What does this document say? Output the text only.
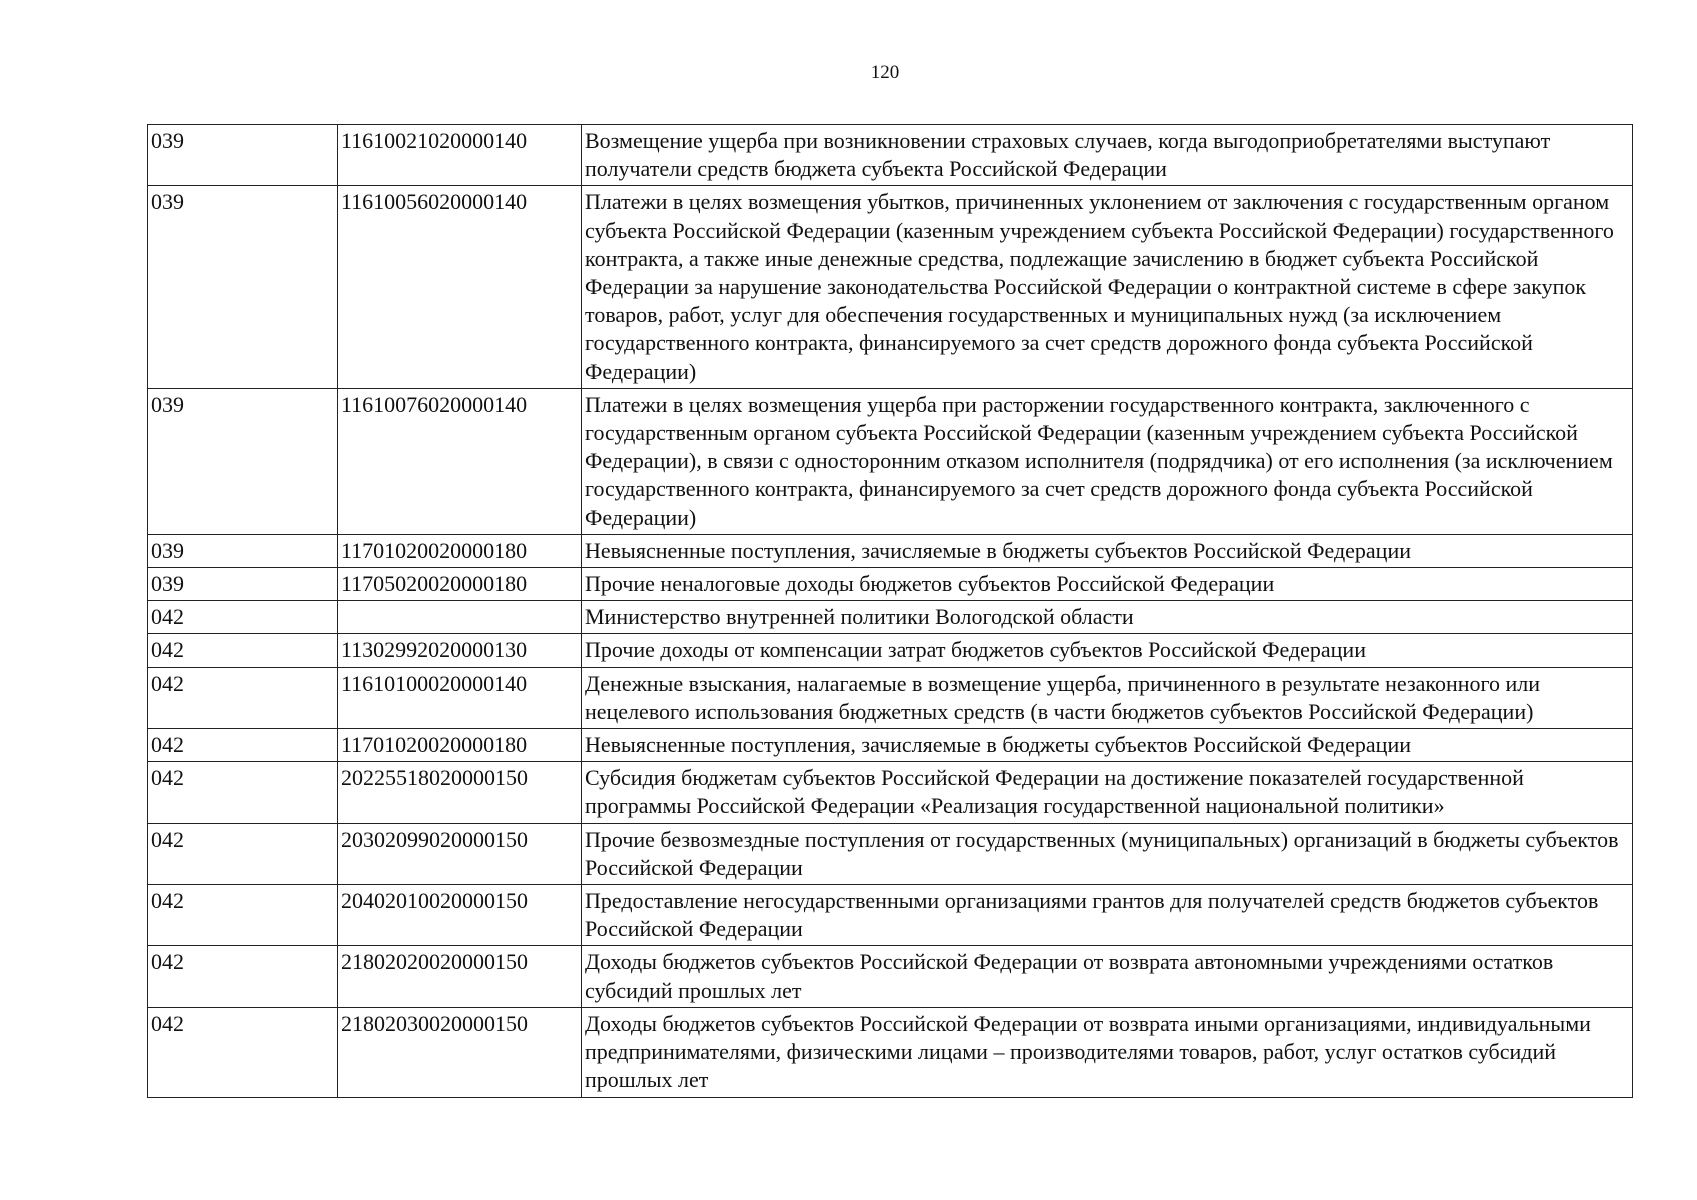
120
039	11610021020000140	Возмещение ущерба при возникновении страховых случаев, когда выгодоприобретателями выступают получатели средств бюджета субъекта Российской Федерации
039	11610056020000140	Платежи в целях возмещения убытков, причиненных уклонением от заключения с государственным органом субъекта Российской Федерации (казенным учреждением субъекта Российской Федерации) государственного контракта, а также иные денежные средства, подлежащие зачислению в бюджет субъекта Российской Федерации за нарушение законодательства Российской Федерации о контрактной системе в сфере закупок товаров, работ, услуг для обеспечения государственных и муниципальных нужд (за исключением государственного контракта, финансируемого за счет средств дорожного фонда субъекта Российской Федерации)
039	11610076020000140	Платежи в целях возмещения ущерба при расторжении государственного контракта, заключенного с государственным органом субъекта Российской Федерации (казенным учреждением субъекта Российской Федерации), в связи с односторонним отказом исполнителя (подрядчика) от его исполнения (за исключением государственного контракта, финансируемого за счет средств дорожного фонда субъекта Российской Федерации)
039	11701020020000180	Невыясненные поступления, зачисляемые в бюджеты субъектов Российской Федерации
039	11705020020000180	Прочие неналоговые доходы бюджетов субъектов Российской Федерации
042		Министерство внутренней политики Вологодской области
042	11302992020000130	Прочие доходы от компенсации затрат бюджетов субъектов Российской Федерации
042	11610100020000140	Денежные взыскания, налагаемые в возмещение ущерба, причиненного в результате незаконного или нецелевого использования бюджетных средств (в части бюджетов субъектов Российской Федерации)
042	11701020020000180	Невыясненные поступления, зачисляемые в бюджеты субъектов Российской Федерации
042	20225518020000150	Субсидия бюджетам субъектов Российской Федерации на достижение показателей государственной программы Российской Федерации «Реализация государственной национальной политики»
042	20302099020000150	Прочие безвозмездные поступления от государственных (муниципальных) организаций в бюджеты субъектов Российской Федерации
042	20402010020000150	Предоставление негосударственными организациями грантов для получателей средств бюджетов субъектов Российской Федерации
042	21802020020000150	Доходы бюджетов субъектов Российской Федерации от возврата автономными учреждениями остатков субсидий прошлых лет
042	21802030020000150	Доходы бюджетов субъектов Российской Федерации от возврата иными организациями, индивидуальными предпринимателями, физическими лицами – производителями товаров, работ, услуг остатков субсидий прошлых лет
